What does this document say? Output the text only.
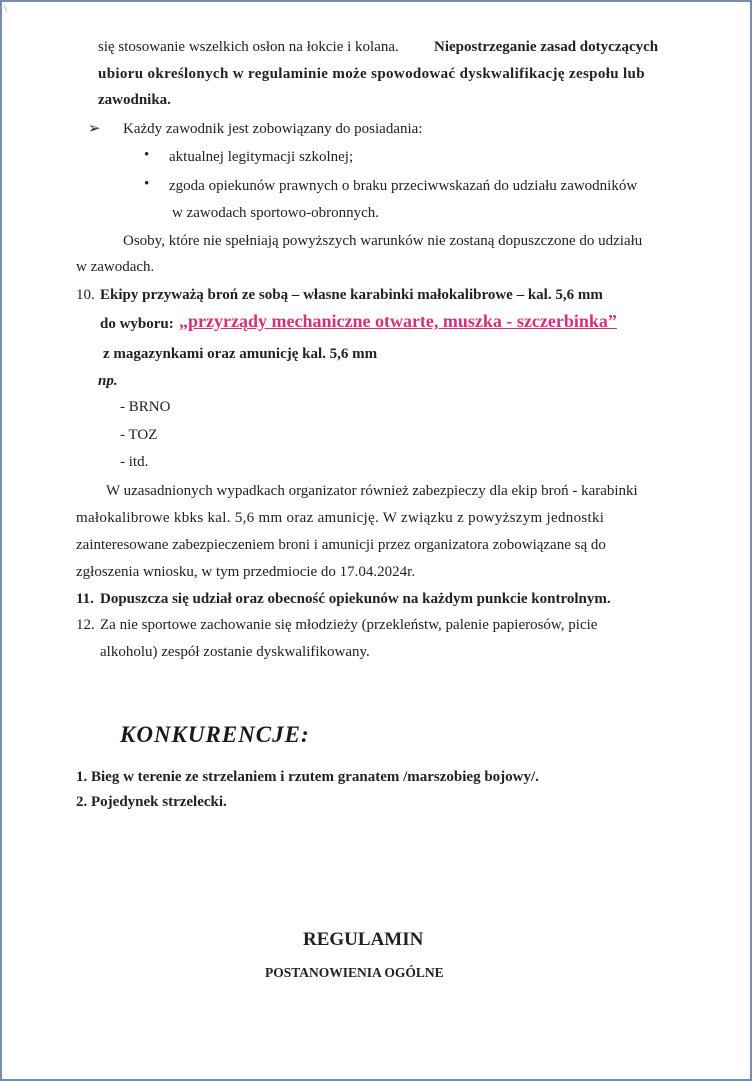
\
się stosowanie wszelkich osłon na łokcie i kolana. Niepostrzeganie zasad dotyczących
ubioru określonych w regulaminie może spowodować dyskwalifikację zespołu lub
zawodnika.
➢ Każdy zawodnik jest zobowiązany do posiadania:
• aktualnej legitymacji szkolnej;
• zgoda opiekunów prawnych o braku przeciwwskazań do udziału zawodników
w zawodach sportowo-obronnych.
Osoby, które nie spełniają powyższych warunków nie zostaną dopuszczone do udziału
w zawodach.
10. Ekipy przyważą broń ze sobą – własne karabinki małokalibrowe – kal. 5,6 mm
do wyboru: „przyrządy mechaniczne otwarte, muszka - szczerbinka”
z magazynkami oraz amunicję kal. 5,6 mm
np.
- BRNO
- TOZ
- itd.
W uzasadnionych wypadkach organizator również zabezpieczy dla ekip broń - karabinki
małokalibrowe kbks kal. 5,6 mm oraz amunicję. W związku z powyższym jednostki
zainteresowane zabezpieczeniem broni i amunicji przez organizatora zobowiązane są do
zgłoszenia wniosku, w tym przedmiocie do 17.04.2024r.
11. Dopuszcza się udział oraz obecność opiekunów na każdym punkcie kontrolnym.
12. Za nie sportowe zachowanie się młodzieży (przekleństw, palenie papierosów, picie
alkoholu) zespół zostanie dyskwalifikowany.
KONKURENCJE:
1. Bieg w terenie ze strzelaniem i rzutem granatem /marszobieg bojowy/.
2. Pojedynek strzelecki.
REGULAMIN
POSTANOWIENIA OGÓLNE
